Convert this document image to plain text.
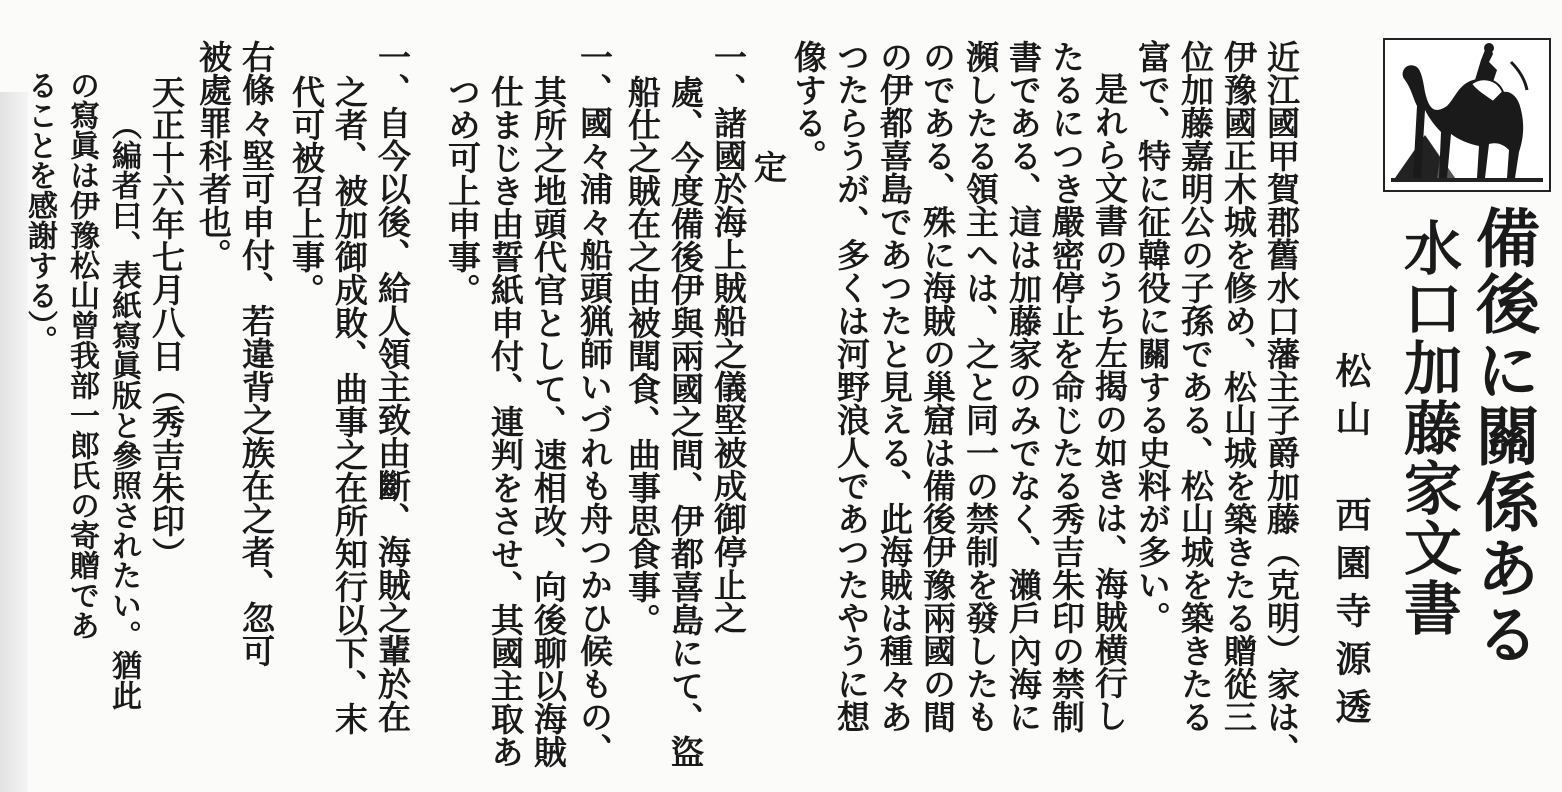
備後に關係ある
水口加藤家文書
松山　西園寺源透
近江國甲賀郡舊水口藩主子爵加藤（克明）家は、
伊豫國正木城を修め、松山城を築きたる贈從三
位加藤嘉明公の子孫である、松山城を築きたる
富で、特に征韓役に關する史料が多い。
是れら文書のうち左揭の如きは、海賊横行し
たるにつき嚴密停止を命じたる秀吉朱印の禁制
書である、這は加藤家のみでなく、瀨戶內海に
瀕したる領主へは、之と同一の禁制を發したも
のである、殊に海賊の巢窟は備後伊豫兩國の間
の伊都喜島であつたと見える、此海賊は種々あ
つたらうが、多くは河野浪人であつたやうに想
像する。
定
一、諸國於海上賊船之儀堅被成御停止之
處、今度備後伊與兩國之間、伊都喜島にて、盜
船仕之賊在之由被聞食、曲事思食事。
一、國々浦々船頭猟師いづれも舟つかひ候もの、
其所之地頭代官として、速相改、向後聊以海賊
仕まじき由誓紙申付、連判をさせ、其國主取あ
つめ可上申事。
一、自今以後、給人領主致由斷、海賊之輩於在
之者、被加御成敗、曲事之在所知行以下、末
代可被召上事。
右條々堅可申付、若違背之族在之者、忽可
被處罪科者也。
天正十六年七月八日（秀吉朱印）
（編者曰、表紙寫眞版と參照されたい。猶此
の寫眞は伊豫松山曾我部一郎氏の寄贈であ
ることを感謝する）。
